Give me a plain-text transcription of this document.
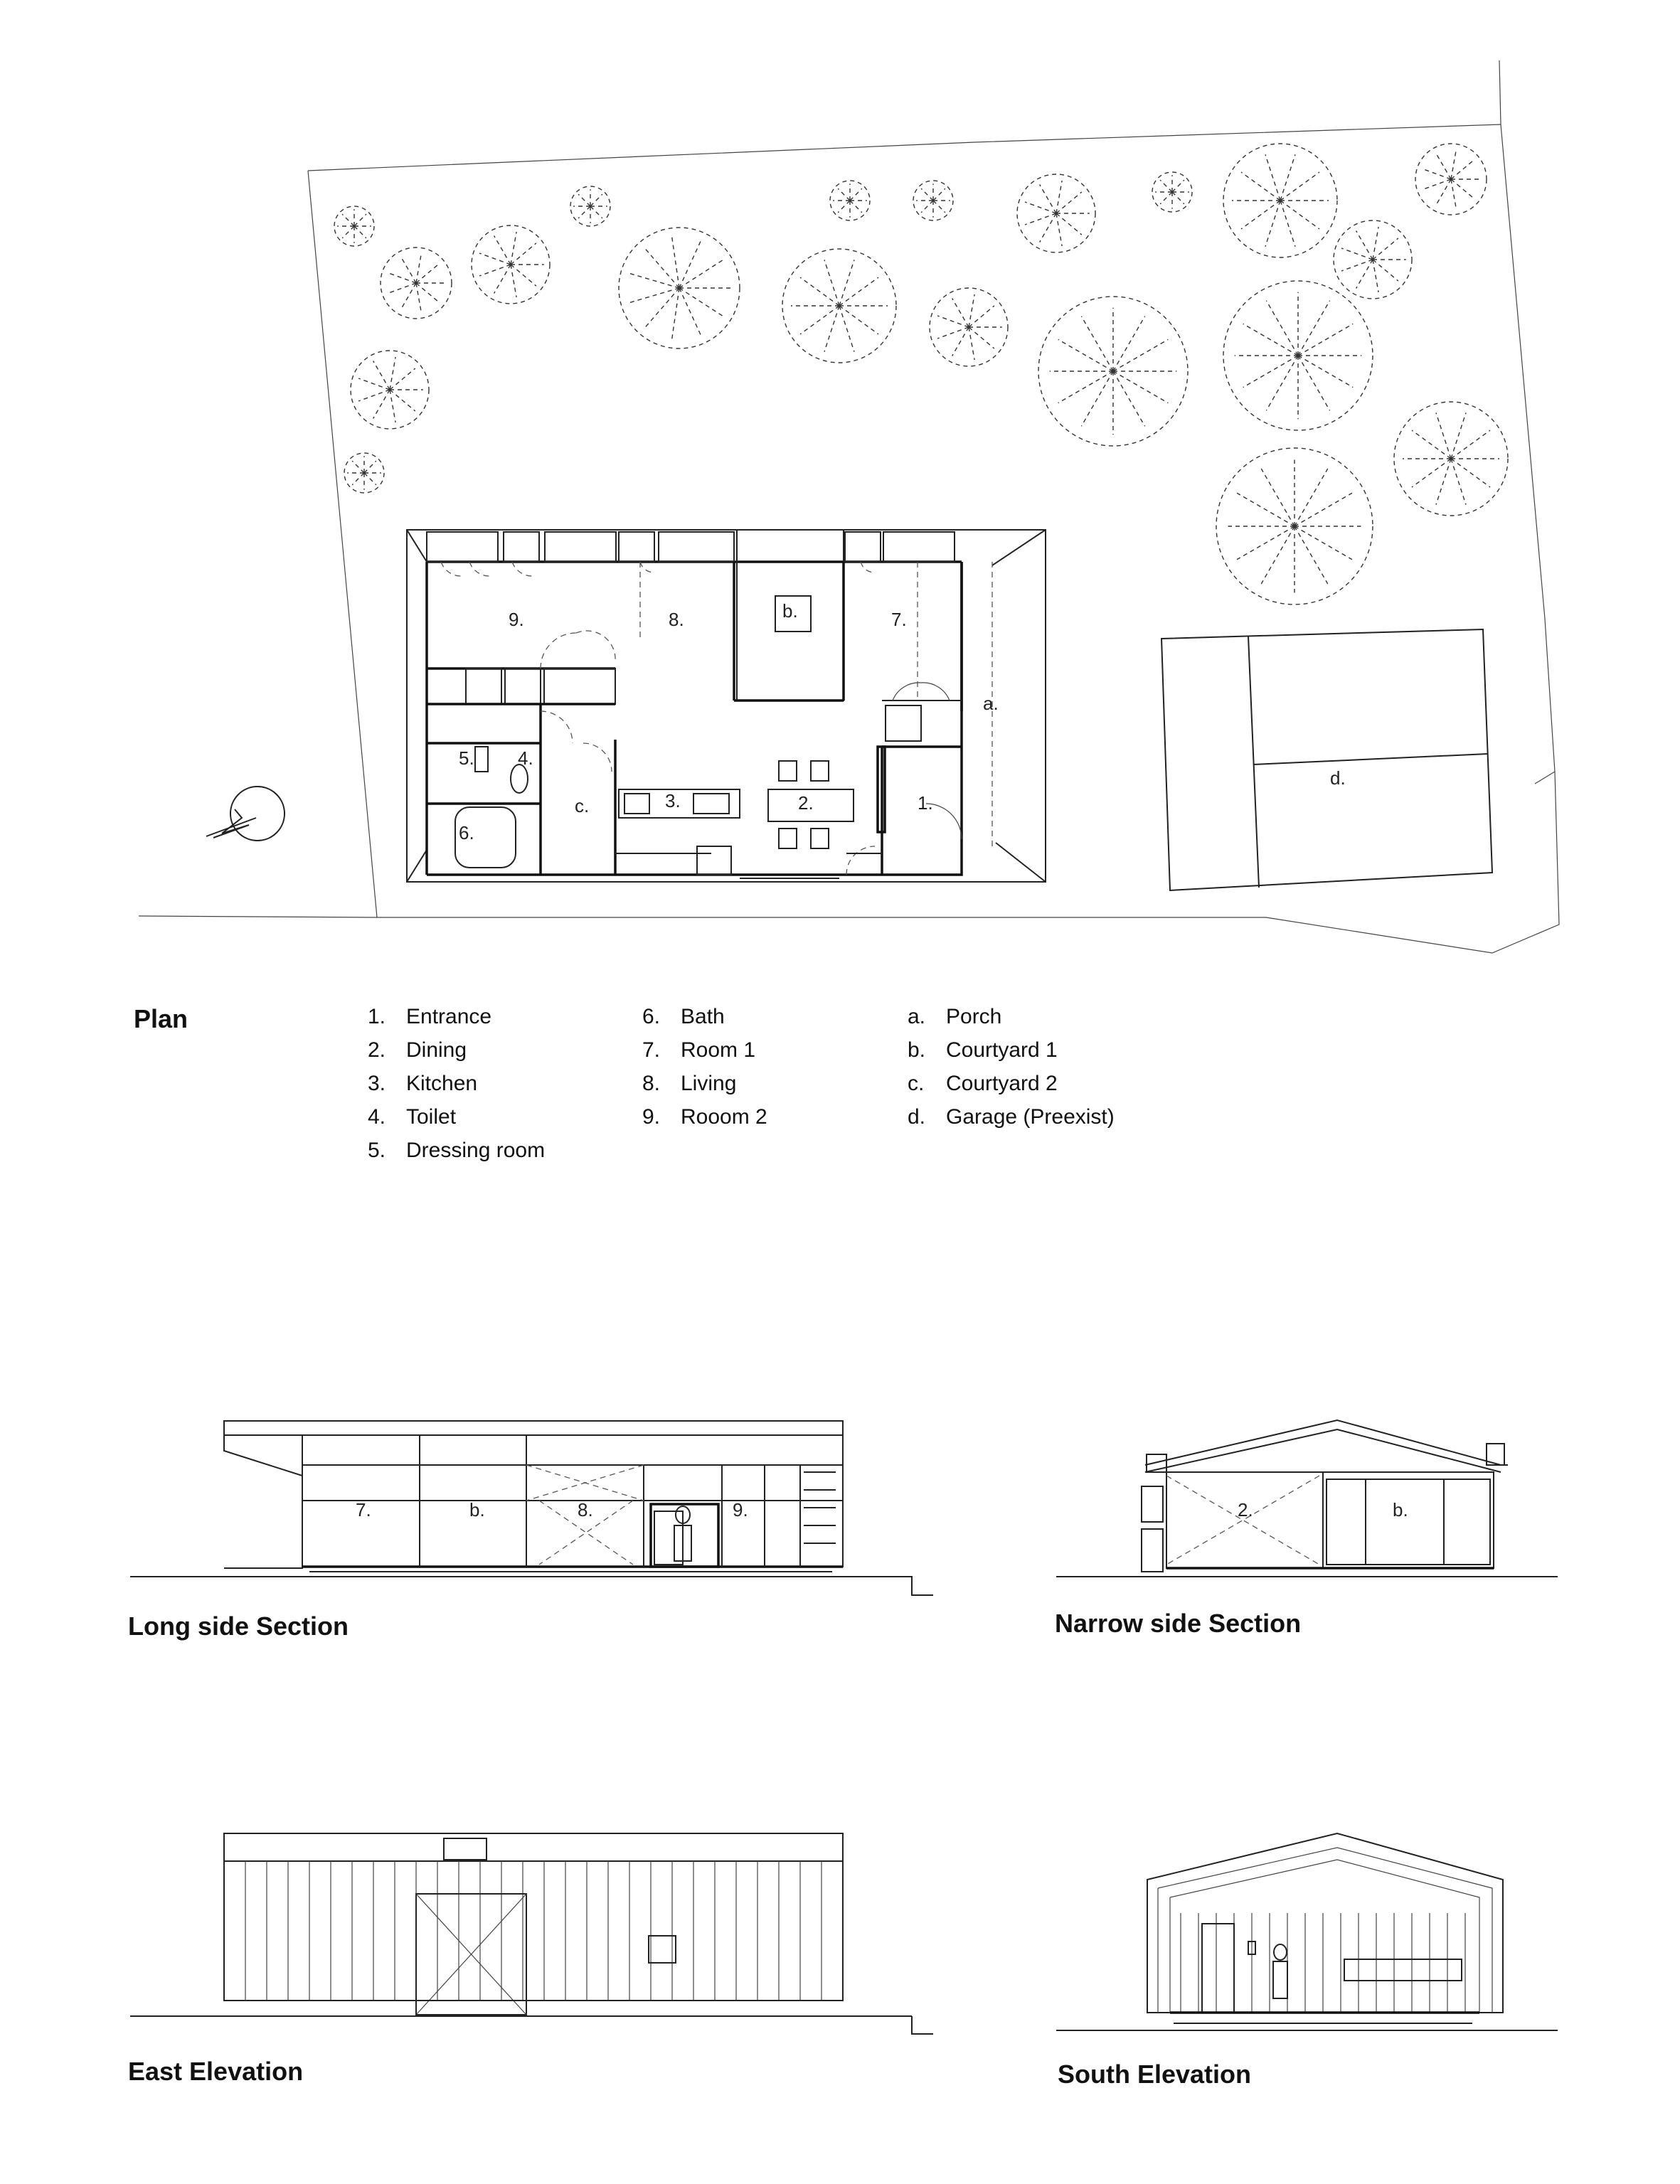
9.	8.	b.	7.
a.
5. 4.
c.	3.	2.	1.
6.
d.
7.	b.	8.	9.	2.	b.
Plan
Long side Section	Narrow side Section
East Elevation	South Elevation
1. Entrance
2. Dining
3. Kitchen
4. Toilet
5. Dressing room
6. Bath
7. Room 1
8. Living
9. Rooom 2
a. Porch
b. Courtyard 1
c.	Courtyard 2
d. Garage (Preexist)
